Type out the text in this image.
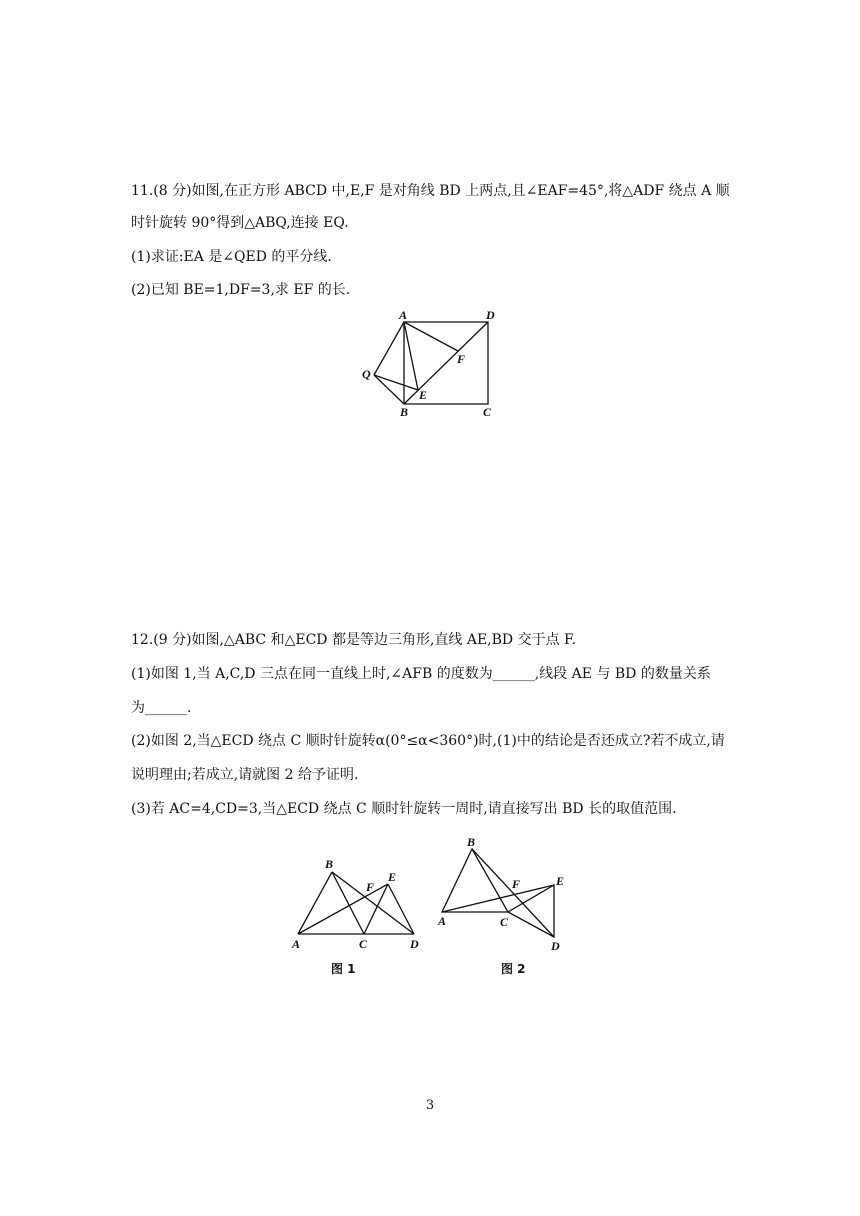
11.(8 分)如图,在正方形 ABCD 中,E,F 是对角线 BD 上两点,且∠EAF=45°,将△ADF 绕点 A 顺
时针旋转 90°得到△ABQ,连接 EQ.
(1)求证:EA 是∠QED 的平分线.
(2)已知 BE=1,DF=3,求 EF 的长.
A	D
F
Q
E
B	C
12.(9 分)如图,△ABC 和△ECD 都是等边三角形,直线 AE,BD 交于点 F.
(1)如图 1,当 A,C,D 三点在同一直线上时,∠AFB 的度数为______,线段 AE 与 BD 的数量关系
为______.
(2)如图 2,当△ECD 绕点 C 顺时针旋转α(0°≤α<360°)时,(1)中的结论是否还成立?若不成立,请
说明理由;若成立,请就图 2 给予证明.
(3)若 AC=4,CD=3,当△ECD 绕点 C 顺时针旋转一周时,请直接写出 BD 长的取值范围.
B
F
E
A	C	D
图 1
B
F	E
A	C
D
图 2
3
